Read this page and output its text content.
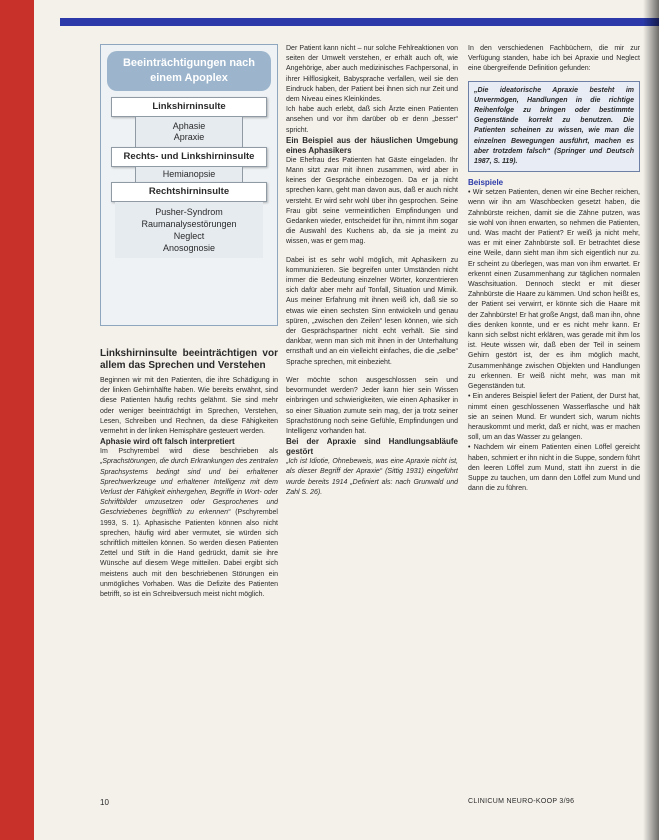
Beeinträchtigungen nach einem Apoplex
Linkshirninsulte
Aphasie
Apraxie
Rechts- und Linkshirninsulte
Hemianopsie
Rechtshirninsulte
Pusher-Syndrom
Raumanalysestörungen
Neglect
Anosognosie

Linkshirninsulte beeinträchtigen vor allem das Sprechen und Verstehen

Beginnen wir mit den Patienten, die ihre Schädigung in der linken Gehirnhälfte haben. Wie bereits erwähnt, sind diese Patienten häufig rechts gelähmt. Sie sind mehr oder weniger beeinträchtigt im Sprechen, Verstehen, Lesen, Schreiben und Rechnen, da diese Fähigkeiten vermehrt in der linken Hemisphäre gesteuert werden.

Aphasie wird oft falsch interpretiert

Im Pschyrembel wird diese beschrieben als „Sprachstörungen, die durch Erkrankungen des zentralen Sprachsystems bedingt sind und bei erhaltener Sprechwerkzeuge und erhaltener Intelligenz mit dem Verlust der Fähigkeit einhergehen, Begriffe in Wort- oder Schriftbilder umzusetzen oder Gesprochenes und Geschriebenes begrifflich zu erkennen“ (Pschyrembel 1993, S. 1). Aphasische Patienten können also nicht sprechen, häufig wird aber vermutet, sie würden sich schriftlich mitteilen können. So werden diesen Patienten Zettel und Stift in die Hand gedrückt, damit sie ihre Wünsche auf diesem Wege mitteilen. Dabei ergibt sich meistens auch mit den beschriebenen Störungen ein unmögliches Vorhaben. Was die Defizite des Patienten betrifft, so ist ein Schreibversuch meist nicht möglich.

Der Patient kann nicht – nur solche Fehlreaktionen von seiten der Umwelt verstehen, er erhält auch oft, wie Angehörige, aber auch medizinisches Fachpersonal, in ihrer Hilflosigkeit, Babysprache verfallen, weil sie den Eindruck haben, der Patient bei ihnen sich nur Zeit und dem Niveau eines Kleinkindes.

Ich habe auch erlebt, daß sich Ärzte einen Patienten ansehen und vor ihm darüber ob er denn „besser“ spricht.

Ein Beispiel aus der häuslichen Umgebung eines Aphasikers

Die Ehefrau des Patienten hat Gäste eingeladen. Ihr Mann sitzt zwar mit ihnen zusammen, wird aber in keines der Gespräche einbezogen. Da er ja nicht sprechen kann, geht man davon aus, daß er auch nicht versteht. Er wird sehr wohl über ihn gesprochen. Seine Frau gibt seine vermeintlichen Empfindungen und Gedanken wieder, entscheidet für ihn, nimmt ihm sogar die Auswahl des Kuchens ab, da sie ja meint zu wissen, was er gern mag.

Dabei ist es sehr wohl möglich, mit Aphasikern zu kommunizieren. Sie begreifen unter Umständen nicht immer die Bedeutung einzelner Wörter, konzentrieren sich dafür aber mehr auf Tonfall, Situation und Mimik. Aus meiner Erfahrung mit ihnen weiß ich, daß sie so etwas wie einen sechsten Sinn entwickeln und genau spüren, „zwischen den Zeilen“ lesen können, wie sich der Gesprächspartner nicht echt verhält. Sie sind dankbar, wenn man sich mit ihnen in der Unterhaltung ernsthaft und an ein vielleicht einfaches, die die „selbe“ Sprache sprechen, mit einbezieht.

Wer möchte schon ausgeschlossen sein und bevormundet werden? Jeder kann hier sein Wissen einbringen und schwierigkeiten, wie einen Aphasiker in so einer Situation zumute sein mag, der ja trotz seiner Sprachstörung noch seine Gefühle, Empfindungen und Intelligenz vorhanden hat.

Bei der Apraxie sind Handlungsabläufe gestört

„Ich ist Idiotie, Ohnebeweis, was eine Apraxie nicht ist, als dieser Begriff der Apraxie“ (Sittig 1931) eingeführt wurde bereits 1914 „Definiert als: nach Grunwald und Zahl S. 26).

In den verschiedenen Fachbüchern, die mir zur Verfügung standen, habe ich bei Apraxie und Neglect eine übergreifende Definition gefunden:

„Die ideatorische Apraxie besteht im Unvermögen, Handlungen in die richtige Reihenfolge zu bringen oder bestimmte Gegenstände korrekt zu benutzen. Die Patienten scheinen zu wissen, wie man die einzelnen Bewegungen ausführt, machen es aber trotzdem falsch“ (Springer und Deutsch 1987, S. 119).

Beispiele

• Wir setzen Patienten, denen wir eine Becher reichen, wenn wir ihn am Waschbecken gesetzt haben, die Zahnbürste reichen, damit sie die Zähne putzen, was sie wohl von ihnen erwarten, so nehmen die Patienten, und. Was macht der Patient? Er weiß ja nicht mehr, was er mit einer Zahnbürste soll. Er betrachtet diese eine Weile, dann sieht man ihm sich eigentlich nur zu. Er scheint zu überlegen, was man von ihm erwartet. Er erkennt einen Zusammenhang zur täglichen normalen Waschsituation. Dennoch steckt er mit dieser Zahnbürste die Haare zu kämmen. Und schon heißt es, der Patient sei verwirrt, er könnte sich die Haare mit der Zahnbürste! Er hat große Angst, daß man ihn, ohne dies denken konnte, und er es nicht mehr kann. Er kann sich selbst nicht erklären, was gerade mit ihm los ist. Heute wissen wir, daß eben der Teil in seinem Gehirn gestört ist, der es ihm möglich macht, Zusammenhänge zwischen Objekten und Handlungen zu erkennen. Er weiß nicht mehr, was man mit Gegenständen tut.

• Ein anderes Beispiel liefert der Patient, der Durst hat, nimmt einen geschlossenen Wasserflasche und hält sie an seinen Mund. Er wundert sich, warum nichts herauskommt und merkt, daß er nicht, was er machen soll, um an das Wasser zu gelangen.

• Nachdem wir einem Patienten einen Löffel gereicht haben, schmiert er ihn nicht in die Suppe, sondern führt den leeren Löffel zum Mund, statt ihn zuerst in die Suppe zu tauchen, um dann den Löffel zum Mund und dann die zu führen.

10	CLINICUM NEURO-KOOP 3/96
